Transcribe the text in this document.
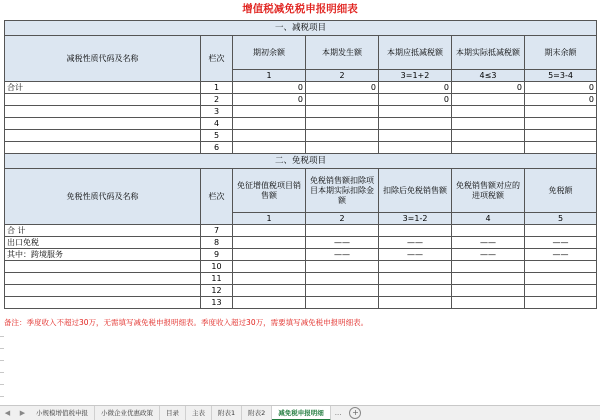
增值税减免税申报明细表
一、减税项目						
减税性质代码及名称	栏次	期初余额	本期发生额	本期应抵减税额	本期实际抵减税额	期末余额
		1	2	3=1+2	4≤3	5=3-4
合计	1	0	0	0	0	0
	2	0		0		0
	3					
	4					
	5					
	6					
二、免税项目						
免税性质代码及名称	栏次	免征增值税项目销售额	免税销售额扣除项目本期实际扣除金额	扣除后免税销售额	免税销售额对应的进项税额	免税额
		1	2	3=1-2	4	5
合 计	7					
出口免税	8		——	——	——	——
其中：跨境服务	9		——	——	——	——
	10					
	11					
	12					
	13					
备注：季度收入不超过30万，无需填写减免税申报明细表。季度收入超过30万，需要填写减免税申报明细表。
◀ ▶	小规模增值税申报	小微企业优惠政策	目录	主表	附表1	附表2	减免税申报明细	...	+
